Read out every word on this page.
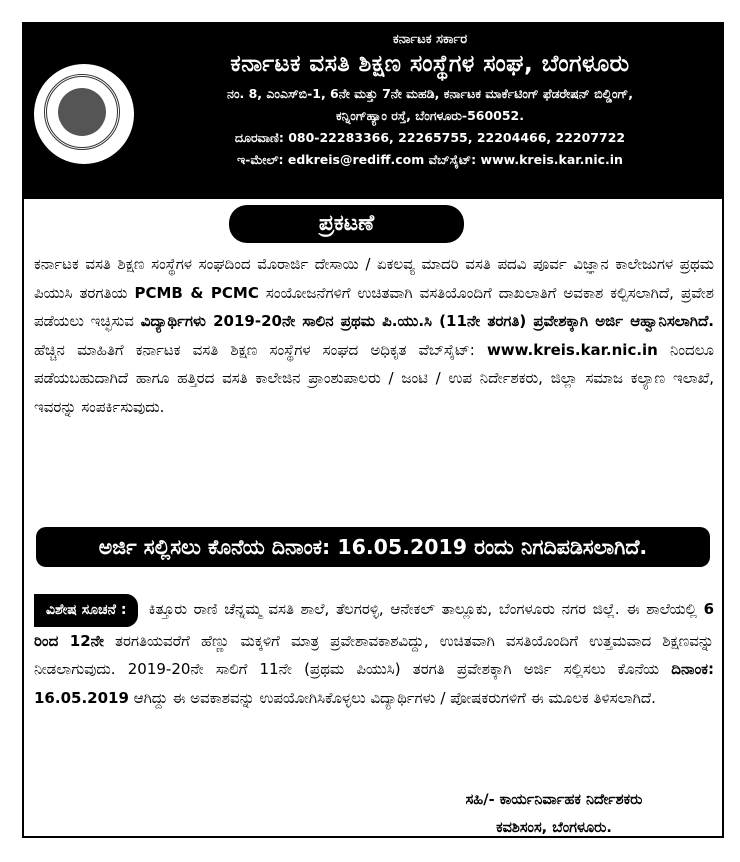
ಕರ್ನಾಟಕ ಸರ್ಕಾರ
ಕರ್ನಾಟಕ ವಸತಿ ಶಿಕ್ಷಣ ಸಂಸ್ಥೆಗಳ ಸಂಘ, ಬೆಂಗಳೂರು
ನಂ. 8, ಎಂಎಸ್‌ಬಿ-1, 6ನೇ ಮತ್ತು 7ನೇ ಮಹಡಿ, ಕರ್ನಾಟಕ ಮಾರ್ಕೆಟಿಂಗ್ ಫೆಡರೇಷನ್ ಬಿಲ್ಡಿಂಗ್,
ಕನ್ನಿಂಗ್‌ಹ್ಯಾಂ ರಸ್ತೆ, ಬೆಂಗಳೂರು-560052.
ದೂರವಾಣಿ: 080-22283366, 22265755, 22204466, 22207722
ಇ-ಮೇಲ್: edkreis@rediff.com ವೆಬ್‌ಸೈಟ್: www.kreis.kar.nic.in
ಪ್ರಕಟಣೆ
ಕರ್ನಾಟಕ ವಸತಿ ಶಿಕ್ಷಣ ಸಂಸ್ಥೆಗಳ ಸಂಘದಿಂದ ಮೊರಾರ್ಜಿ ದೇಸಾಯಿ / ಏಕಲವ್ಯ ಮಾದರಿ ವಸತಿ ಪದವಿ ಪೂರ್ವ ವಿಜ್ಞಾನ ಕಾಲೇಜುಗಳ ಪ್ರಥಮ ಪಿಯುಸಿ ತರಗತಿಯ PCMB & PCMC ಸಂಯೋಜನೆಗಳಿಗೆ ಉಚಿತವಾಗಿ ವಸತಿಯೊಂದಿಗೆ ದಾಖಲಾತಿಗೆ ಅವಕಾಶ ಕಲ್ಪಿಸಲಾಗಿದೆ, ಪ್ರವೇಶ ಪಡೆಯಲು ಇಚ್ಛಿಸುವ ವಿದ್ಯಾರ್ಥಿಗಳು 2019-20ನೇ ಸಾಲಿನ ಪ್ರಥಮ ಪಿ.ಯು.ಸಿ (11ನೇ ತರಗತಿ) ಪ್ರವೇಶಕ್ಕಾಗಿ ಅರ್ಜಿ ಆಹ್ವಾನಿಸಲಾಗಿದೆ. ಹೆಚ್ಚಿನ ಮಾಹಿತಿಗೆ ಕರ್ನಾಟಕ ವಸತಿ ಶಿಕ್ಷಣ ಸಂಸ್ಥೆಗಳ ಸಂಘದ ಅಧಿಕೃತ ವೆಬ್‌ಸೈಟ್: www.kreis.kar.nic.in ನಿಂದಲೂ ಪಡೆಯಬಹುದಾಗಿದೆ ಹಾಗೂ ಹತ್ತಿರದ ವಸತಿ ಕಾಲೇಜಿನ ಪ್ರಾಂಶುಪಾಲರು / ಜಂಟಿ / ಉಪ ನಿರ್ದೇಶಕರು, ಜಿಲ್ಲಾ ಸಮಾಜ ಕಲ್ಯಾಣ ಇಲಾಖೆ, ಇವರನ್ನು ಸಂಪರ್ಕಿಸುವುದು.
ಅರ್ಜಿ ಸಲ್ಲಿಸಲು ಕೊನೆಯ ದಿನಾಂಕ: 16.05.2019 ರಂದು ನಿಗದಿಪಡಿಸಲಾಗಿದೆ.
ವಿಶೇಷ ಸೂಚನೆ : ಕಿತ್ತೂರು ರಾಣಿ ಚೆನ್ನಮ್ಮ ವಸತಿ ಶಾಲೆ, ತೆಲಗರಳ್ಳಿ, ಆನೇಕಲ್ ತಾಲ್ಲೂಕು, ಬೆಂಗಳೂರು ನಗರ ಜಿಲ್ಲೆ. ಈ ಶಾಲೆಯಲ್ಲಿ 6 ರಿಂದ 12ನೇ ತರಗತಿಯವರೆಗೆ ಹೆಣ್ಣು ಮಕ್ಕಳಿಗೆ ಮಾತ್ರ ಪ್ರವೇಶಾವಕಾಶವಿದ್ದು, ಉಚಿತವಾಗಿ ವಸತಿಯೊಂದಿಗೆ ಉತ್ತಮವಾದ ಶಿಕ್ಷಣವನ್ನು ನೀಡಲಾಗುವುದು. 2019-20ನೇ ಸಾಲಿಗೆ 11ನೇ (ಪ್ರಥಮ ಪಿಯುಸಿ) ತರಗತಿ ಪ್ರವೇಶಕ್ಕಾಗಿ ಅರ್ಜಿ ಸಲ್ಲಿಸಲು ಕೊನೆಯ ದಿನಾಂಕ: 16.05.2019 ಆಗಿದ್ದು ಈ ಅವಕಾಶವನ್ನು ಉಪಯೋಗಿಸಿಕೊಳ್ಳಲು ವಿದ್ಯಾರ್ಥಿಗಳು / ಪೋಷಕರುಗಳಿಗೆ ಈ ಮೂಲಕ ತಿಳಿಸಲಾಗಿದೆ.
ಸಹಿ/- ಕಾರ್ಯನಿರ್ವಾಹಕ ನಿರ್ದೇಶಕರು
ಕವಶಿಸಂಸ, ಬೆಂಗಳೂರು.
